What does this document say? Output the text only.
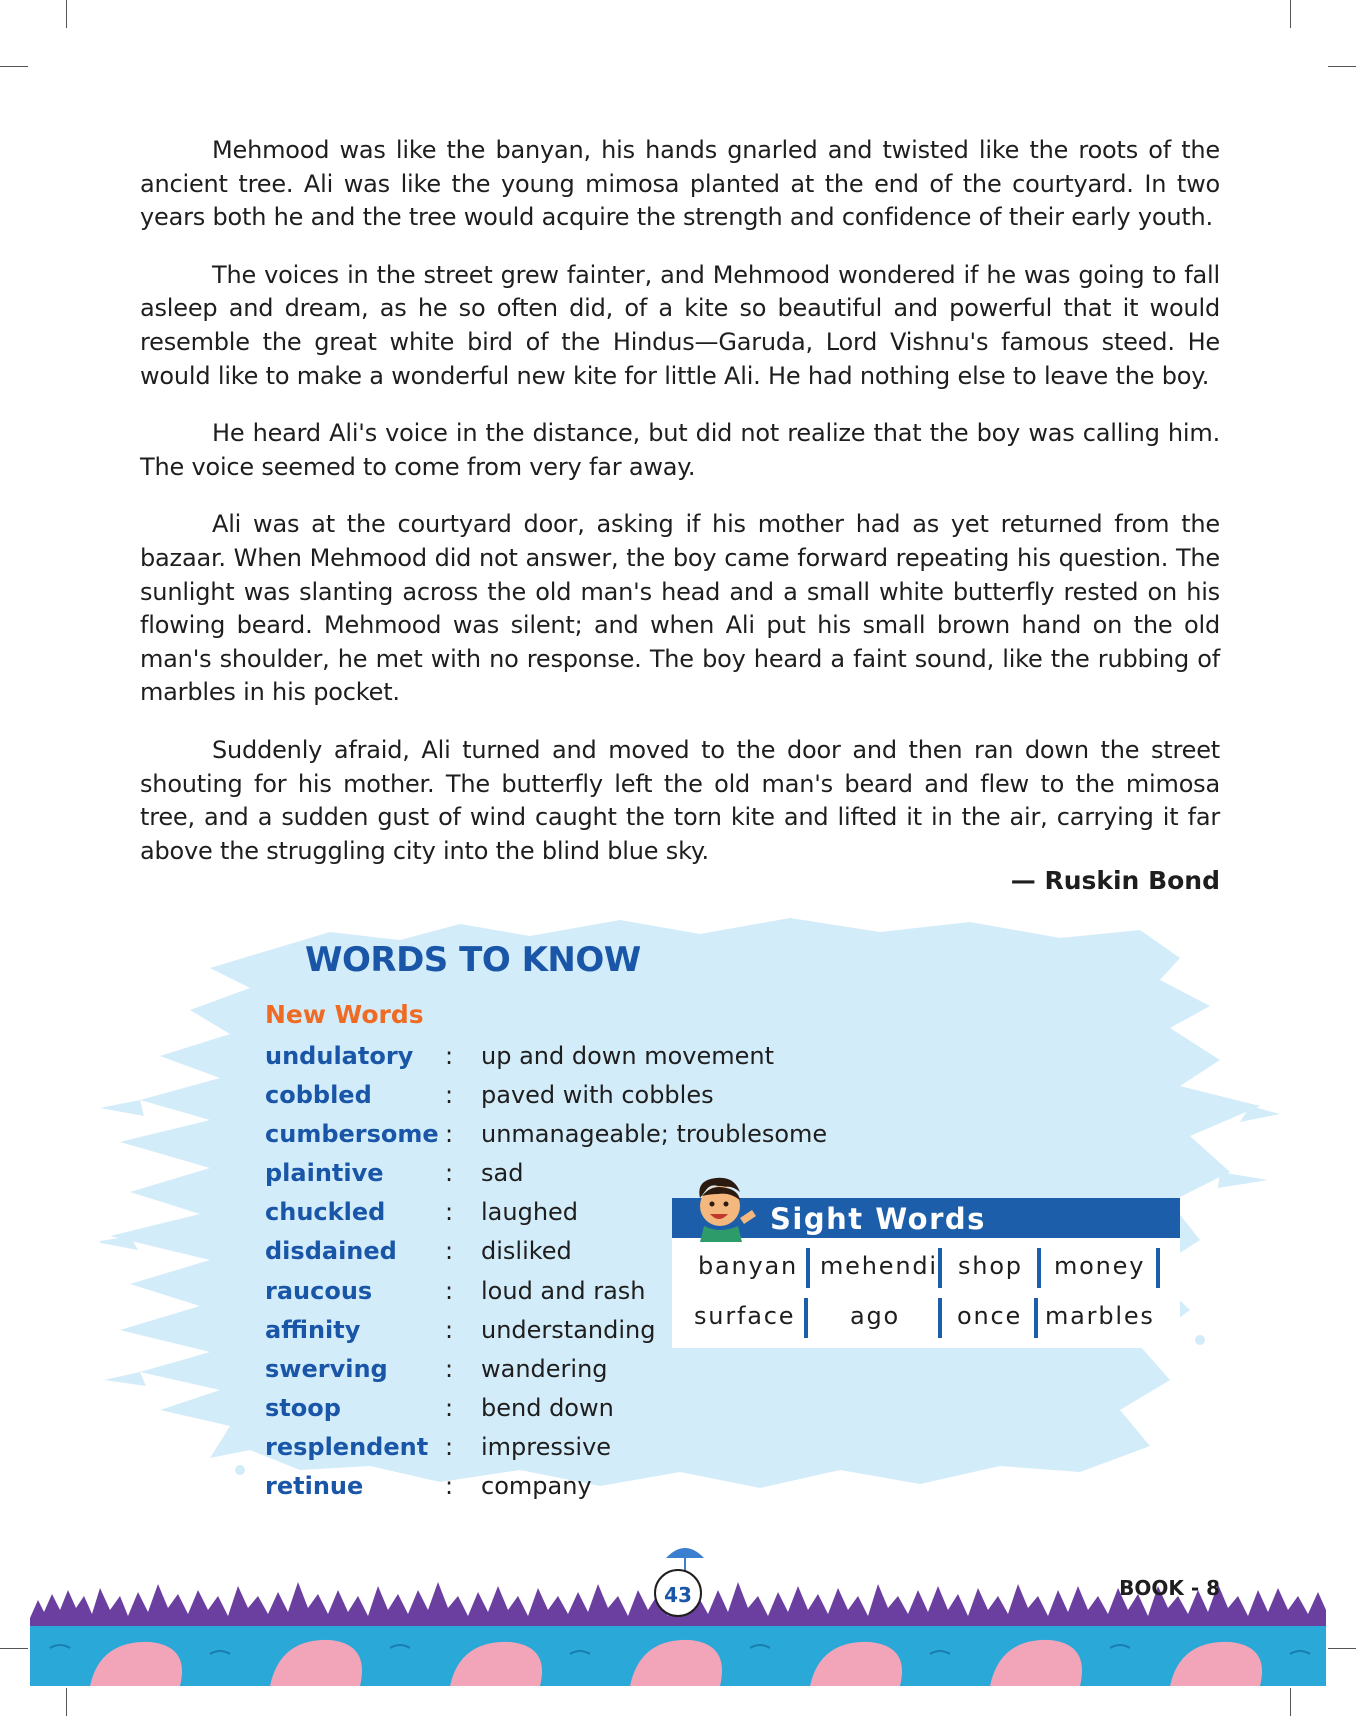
Mehmood was like the banyan, his hands gnarled and twisted like the roots of the ancient tree. Ali was like the young mimosa planted at the end of the courtyard. In two years both he and the tree would acquire the strength and confidence of their early youth.

The voices in the street grew fainter, and Mehmood wondered if he was going to fall asleep and dream, as he so often did, of a kite so beautiful and powerful that it would resemble the great white bird of the Hindus—Garuda, Lord Vishnu's famous steed. He would like to make a wonderful new kite for little Ali. He had nothing else to leave the boy.

He heard Ali's voice in the distance, but did not realize that the boy was calling him. The voice seemed to come from very far away.

Ali was at the courtyard door, asking if his mother had as yet returned from the bazaar. When Mehmood did not answer, the boy came forward repeating his question. The sunlight was slanting across the old man's head and a small white butterfly rested on his flowing beard. Mehmood was silent; and when Ali put his small brown hand on the old man's shoulder, he met with no response. The boy heard a faint sound, like the rubbing of marbles in his pocket.

Suddenly afraid, Ali turned and moved to the door and then ran down the street shouting for his mother. The butterfly left the old man's beard and flew to the mimosa tree, and a sudden gust of wind caught the torn kite and lifted it in the air, carrying it far above the struggling city into the blind blue sky.

— Ruskin Bond
WORDS TO KNOW
New Words
undulatory : up and down movement
cobbled	: paved with cobbles
cumbersome : unmanageable; troublesome
plaintive	: sad
chuckled : laughed
disdained : disliked
raucous	: loud and rash
affinity	: understanding
swerving : wandering
stoop	: bend down
resplendent : impressive
retinue	: company
Sight Words
banyan mehendi shop money
surface ago once marbles
43	BOOK - 8
